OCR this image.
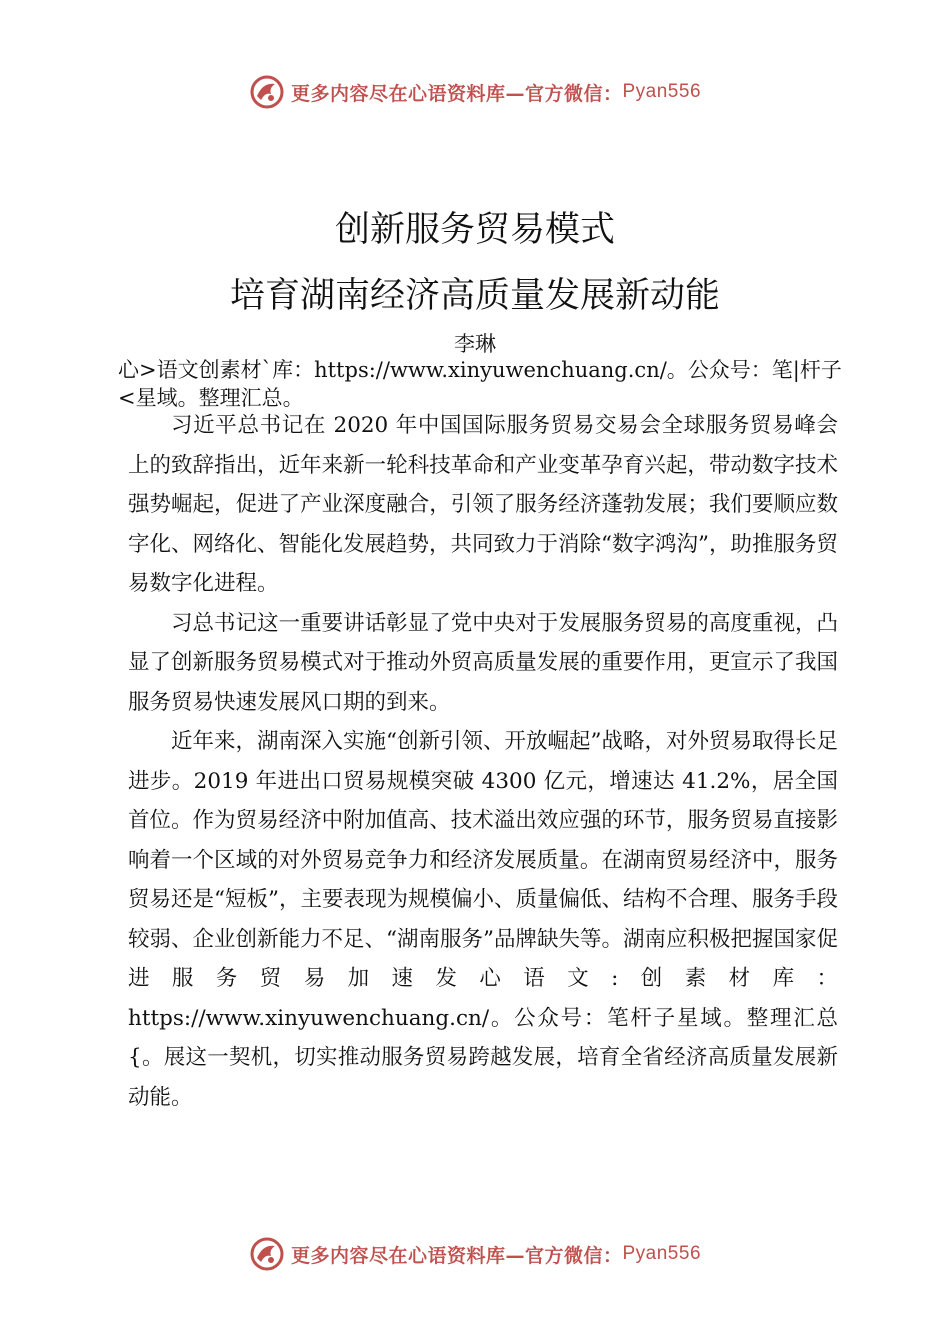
更多内容尽在心语资料库—官方微信： Pyan556
创新服务贸易模式
培育湖南经济高质量发展新动能
李琳

心>语文创素材`库：https://www.xinyuwenchuang.cn/。公众号：笔|杆子<星域。整理汇总。

习近平总书记在 2020 年中国国际服务贸易交易会全球服务贸易峰会上的致辞指出，近年来新一轮科技革命和产业变革孕育兴起，带动数字技术强势崛起，促进了产业深度融合，引领了服务经济蓬勃发展；我们要顺应数字化、网络化、智能化发展趋势，共同致力于消除“数字鸿沟”，助推服务贸易数字化进程。

习总书记这一重要讲话彰显了党中央对于发展服务贸易的高度重视，凸显了创新服务贸易模式对于推动外贸高质量发展的重要作用，更宣示了我国服务贸易快速发展风口期的到来。

近年来，湖南深入实施“创新引领、开放崛起”战略，对外贸易取得长足进步。2019 年进出口贸易规模突破 4300 亿元，增速达 41.2%，居全国首位。作为贸易经济中附加值高、技术溢出效应强的环节，服务贸易直接影响着一个区域的对外贸易竞争力和经济发展质量。在湖南贸易经济中，服务贸易还是“短板”，主要表现为规模偏小、质量偏低、结构不合理、服务手段较弱、企业创新能力不足、“湖南服务”品牌缺失等。湖南应积极把握国家促进服务贸易加速发心语文:创素材库：https://www.xinyuwenchuang.cn/。公众号：笔杆子星域。整理汇总{。展这一契机，切实推动服务贸易跨越发展，培育全省经济高质量发展新动能。

更多内容尽在心语资料库—官方微信： Pyan556
